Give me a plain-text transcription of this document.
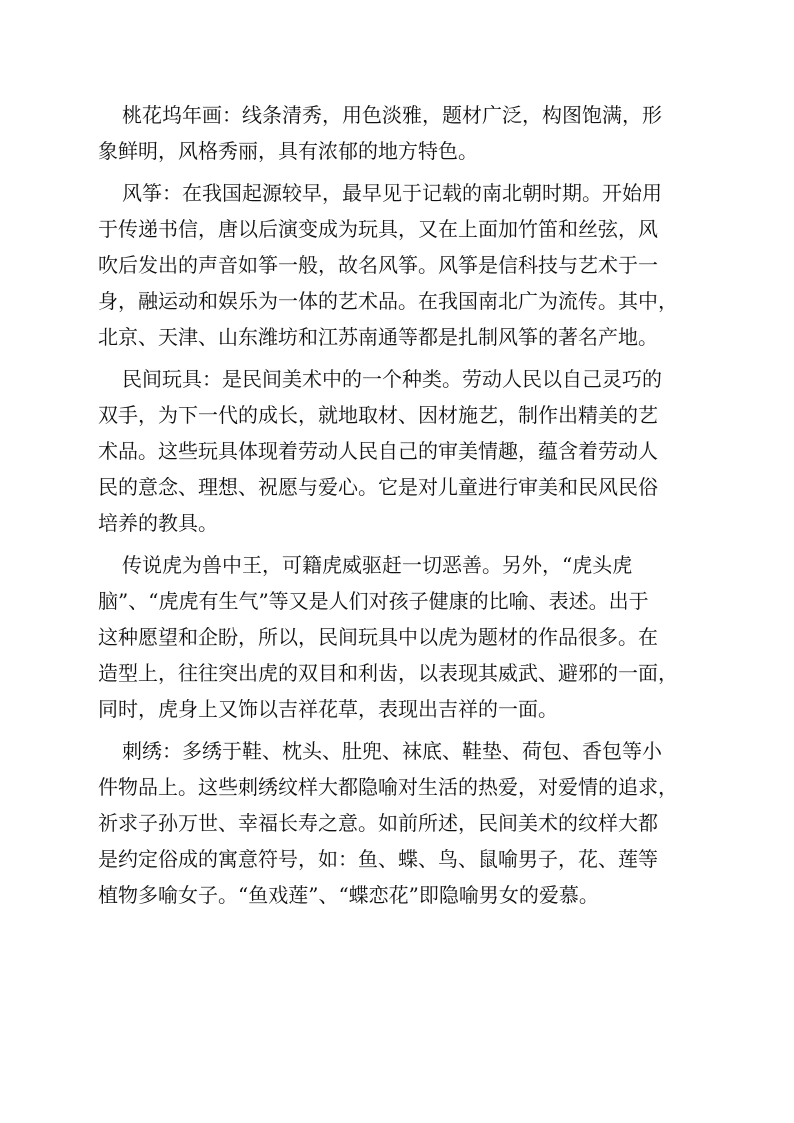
桃花坞年画：线条清秀，用色淡雅，题材广泛，构图饱满，形
象鲜明，风格秀丽，具有浓郁的地方特色。
风筝：在我国起源较早，最早见于记载的南北朝时期。开始用
于传递书信，唐以后演变成为玩具，又在上面加竹笛和丝弦，风
吹后发出的声音如筝一般，故名风筝。风筝是信科技与艺术于一
身，融运动和娱乐为一体的艺术品。在我国南北广为流传。其中，
北京、天津、山东潍坊和江苏南通等都是扎制风筝的著名产地。
民间玩具：是民间美术中的一个种类。劳动人民以自己灵巧的
双手，为下一代的成长，就地取材、因材施艺，制作出精美的艺
术品。这些玩具体现着劳动人民自己的审美情趣，蕴含着劳动人
民的意念、理想、祝愿与爱心。它是对儿童进行审美和民风民俗
培养的教具。
传说虎为兽中王，可籍虎威驱赶一切恶善。另外，“虎头虎
脑”、“虎虎有生气”等又是人们对孩子健康的比喻、表述。出于
这种愿望和企盼，所以，民间玩具中以虎为题材的作品很多。在
造型上，往往突出虎的双目和利齿，以表现其威武、避邪的一面，
同时，虎身上又饰以吉祥花草，表现出吉祥的一面。
刺绣：多绣于鞋、枕头、肚兜、袜底、鞋垫、荷包、香包等小
件物品上。这些刺绣纹样大都隐喻对生活的热爱，对爱情的追求，
祈求子孙万世、幸福长寿之意。如前所述，民间美术的纹样大都
是约定俗成的寓意符号，如：鱼、蝶、鸟、鼠喻男子，花、莲等
植物多喻女子。“鱼戏莲”、“蝶恋花”即隐喻男女的爱慕。
